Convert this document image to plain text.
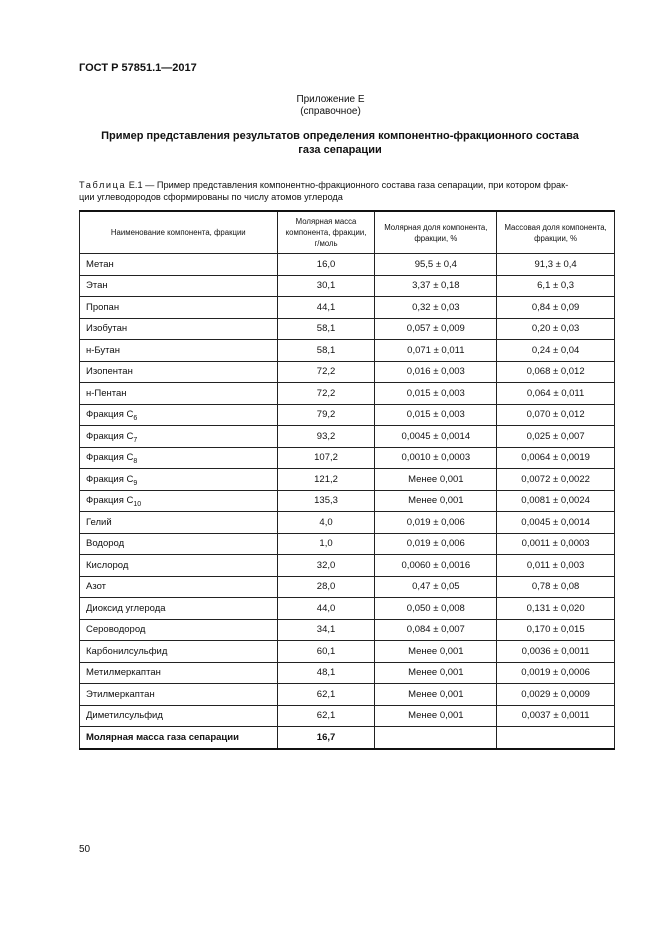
ГОСТ Р 57851.1—2017
Приложение Е
(справочное)
Пример представления результатов определения компонентно-фракционного состава
газа сепарации
Таблица Е.1 — Пример представления компонентно-фракционного состава газа сепарации, при котором фрак-
ции углеводородов сформированы по числу атомов углерода
Наименование компонента, фракции	Молярная масса компонента, фракции, г/моль	Молярная доля компонента, фракции, %	Массовая доля компонента, фракции, %
Метан	16,0	95,5 ± 0,4	91,3 ± 0,4
Этан	30,1	3,37 ± 0,18	6,1 ± 0,3
Пропан	44,1	0,32 ± 0,03	0,84 ± 0,09
Изобутан	58,1	0,057 ± 0,009	0,20 ± 0,03
н-Бутан	58,1	0,071 ± 0,011	0,24 ± 0,04
Изопентан	72,2	0,016 ± 0,003	0,068 ± 0,012
н-Пентан	72,2	0,015 ± 0,003	0,064 ± 0,011
Фракция $С_6$	79,2	0,015 ± 0,003	0,070 ± 0,012
Фракция $С_7$	93,2	0,0045 ± 0,0014	0,025 ± 0,007
Фракция $С_8$	107,2	0,0010 ± 0,0003	0,0064 ± 0,0019
Фракция $С_9$	121,2	Менее 0,001	0,0072 ± 0,0022
Фракция $С_{10}$	135,3	Менее 0,001	0,0081 ± 0,0024
Гелий	4,0	0,019 ± 0,006	0,0045 ± 0,0014
Водород	1,0	0,019 ± 0,006	0,0011 ± 0,0003
Кислород	32,0	0,0060 ± 0,0016	0,011 ± 0,003
Азот	28,0	0,47 ± 0,05	0,78 ± 0,08
Диоксид углерода	44,0	0,050 ± 0,008	0,131 ± 0,020
Сероводород	34,1	0,084 ± 0,007	0,170 ± 0,015
Карбонилсульфид	60,1	Менее 0,001	0,0036 ± 0,0011
Метилмеркаптан	48,1	Менее 0,001	0,0019 ± 0,0006
Этилмеркаптан	62,1	Менее 0,001	0,0029 ± 0,0009
Диметилсульфид	62,1	Менее 0,001	0,0037 ± 0,0011
Молярная масса газа сепарации	16,7		
50
